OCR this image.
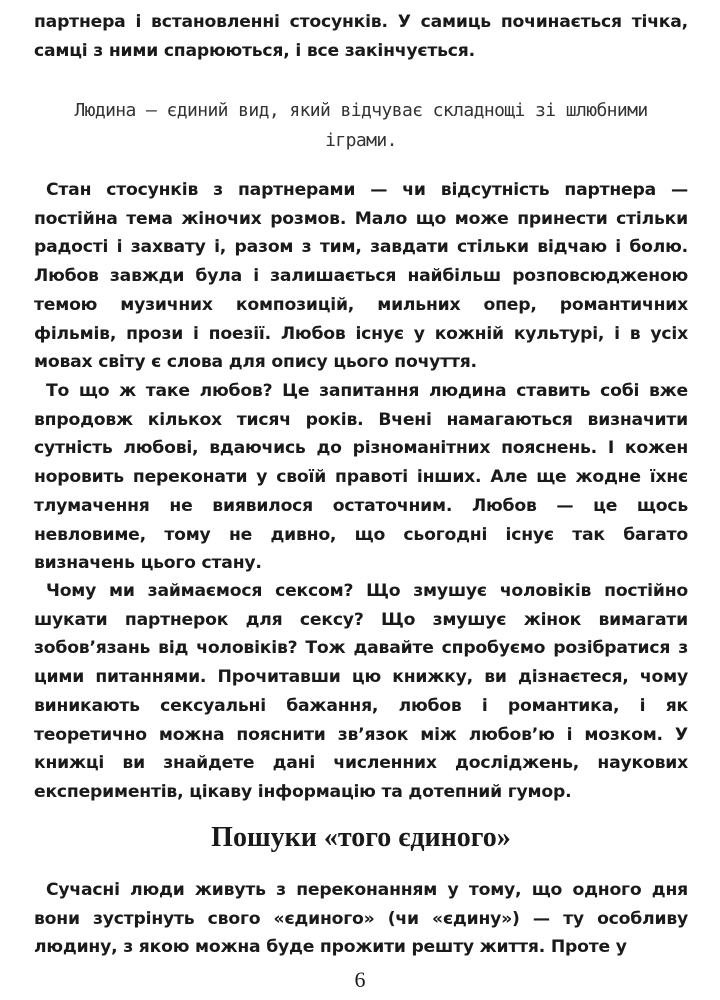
партнера і встановленні стосунків. У самиць починається тічка, самці з ними спарюються, і все закінчується.

Людина — єдиний вид, який відчуває складнощі зі шлюбними іграми.

Стан стосунків з партнерами — чи відсутність партнера — постійна тема жіночих розмов. Мало що може принести стільки радості і захвату і, разом з тим, завдати стільки відчаю і болю. Любов завжди була і залишається найбільш розповсюдженою темою музичних композицій, мильних опер, романтичних фільмів, прози і поезії. Любов існує у кожній культурі, і в усіх мовах світу є слова для опису цього почуття.

То що ж таке любов? Це запитання людина ставить собі вже впродовж кількох тисяч років. Вчені намагаються визначити сутність любові, вдаючись до різноманітних пояснень. І кожен норовить переконати у своїй правоті інших. Але ще жодне їхнє тлумачення не виявилося остаточним. Любов — це щось невловиме, тому не дивно, що сьогодні існує так багато визначень цього стану.

Чому ми займаємося сексом? Що змушує чоловіків постійно шукати партнерок для сексу? Що змушує жінок вимагати зобов’язань від чоловіків? Тож давайте спробуємо розібратися з цими питаннями. Прочитавши цю книжку, ви дізнаєтеся, чому виникають сексуальні бажання, любов і романтика, і як теоретично можна пояснити зв’язок між любов’ю і мозком. У книжці ви знайдете дані численних досліджень, наукових експериментів, цікаву інформацію та дотепний гумор.

Пошуки «того єдиного»

Сучасні люди живуть з переконанням у тому, що одного дня вони зустрінуть свого «єдиного» (чи «єдину») — ту особливу людину, з якою можна буде прожити решту життя. Проте у

6
